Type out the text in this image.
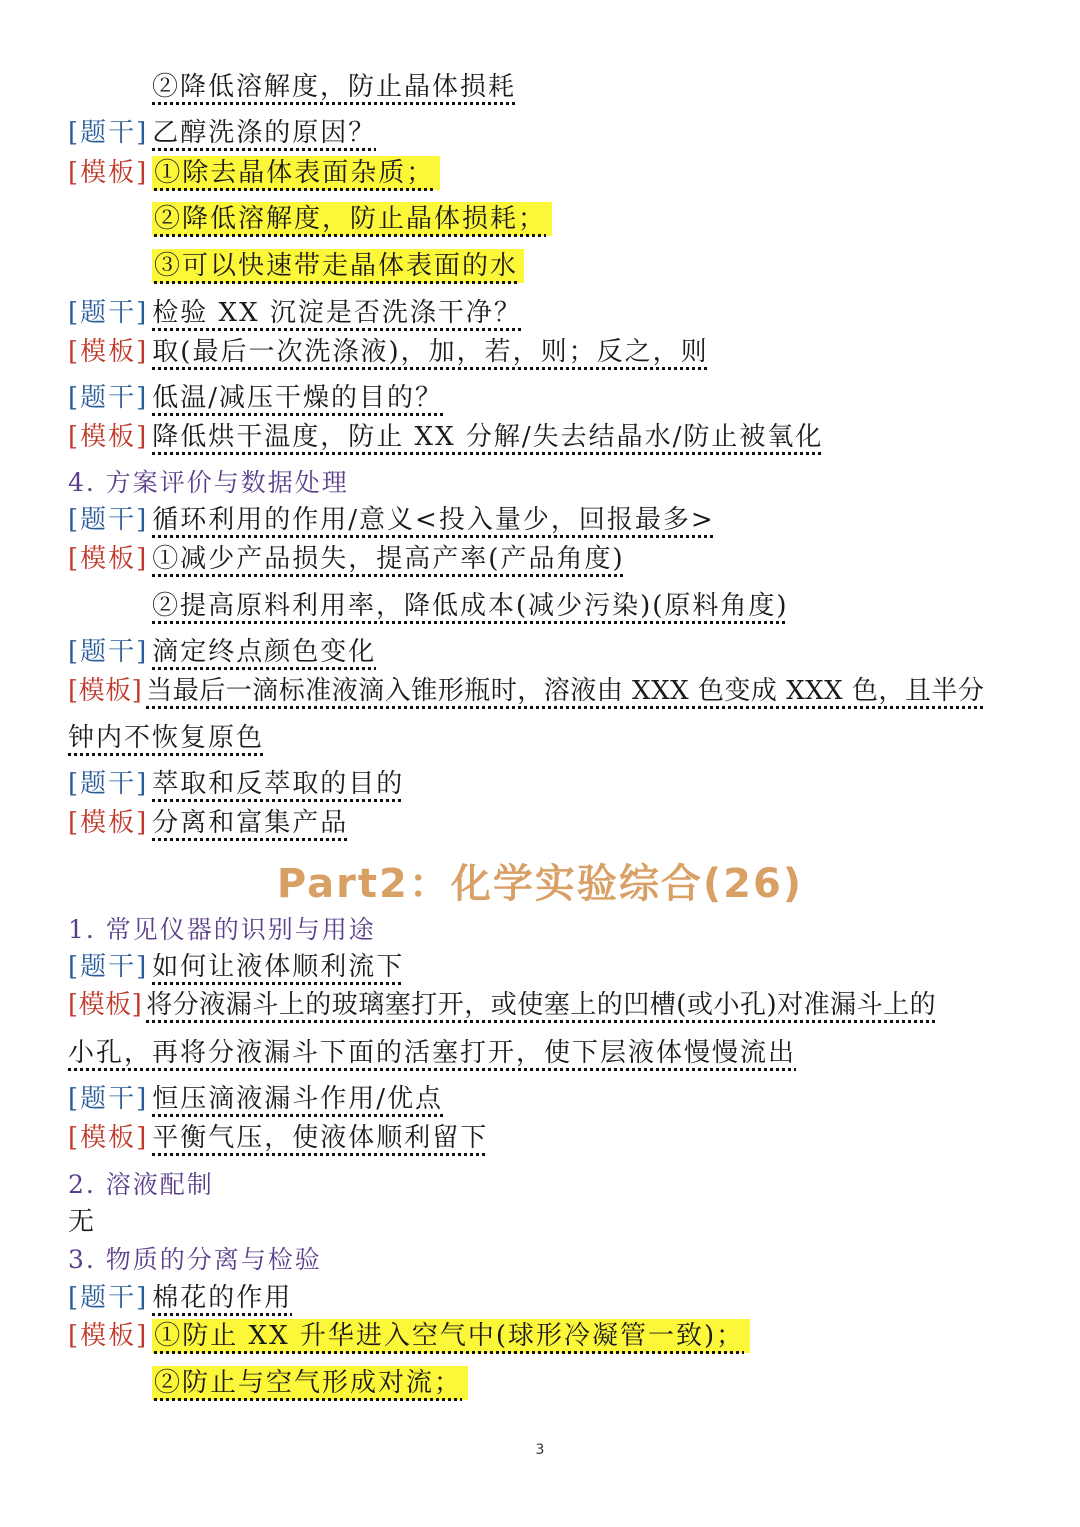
②降低溶解度，防止晶体损耗
[题干] 乙醇洗涤的原因？
[模板] ①除去晶体表面杂质；
②降低溶解度，防止晶体损耗；
③可以快速带走晶体表面的水
[题干] 检验 XX 沉淀是否洗涤干净？
[模板] 取(最后一次洗涤液)，加，若，则；反之，则
[题干] 低温/减压干燥的目的？
[模板] 降低烘干温度，防止 XX 分解/失去结晶水/防止被氧化
4. 方案评价与数据处理
[题干] 循环利用的作用/意义<投入量少，回报最多>
[模板] ①减少产品损失，提高产率(产品角度)
②提高原料利用率，降低成本(减少污染)(原料角度)
[题干] 滴定终点颜色变化
[模板] 当最后一滴标准液滴入锥形瓶时，溶液由 XXX 色变成 XXX 色，且半分
钟内不恢复原色
[题干] 萃取和反萃取的目的
[模板] 分离和富集产品
Part2：化学实验综合(26)
1. 常见仪器的识别与用途
[题干] 如何让液体顺利流下
[模板] 将分液漏斗上的玻璃塞打开，或使塞上的凹槽(或小孔)对准漏斗上的
小孔，再将分液漏斗下面的活塞打开，使下层液体慢慢流出
[题干] 恒压滴液漏斗作用/优点
[模板] 平衡气压，使液体顺利留下
2. 溶液配制
无
3. 物质的分离与检验
[题干] 棉花的作用
[模板] ①防止 XX 升华进入空气中(球形冷凝管一致)；
②防止与空气形成对流；
3
